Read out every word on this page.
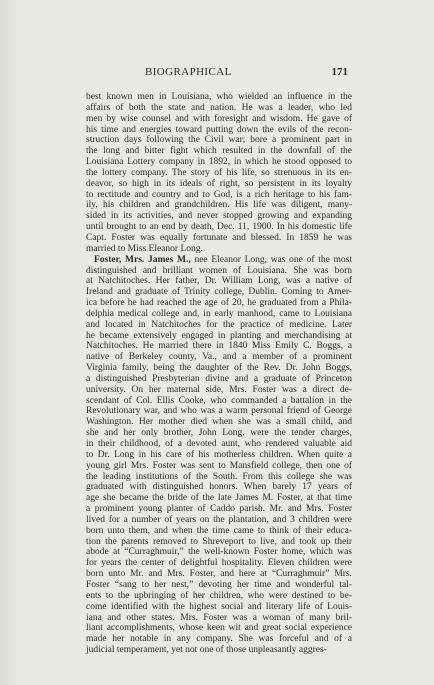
BIOGRAPHICAL	171
best known men in Louisiana, who wielded an influence in the
affairs of both the state and nation. He was a leader, who led
men by wise counsel and with foresight and wisdom. He gave of
his time and energies toward putting down the evils of the recon-
struction days following the Civil war; bore a prominent part in
the long and bitter fight which resulted in the downfall of the
Louisiana Lottery company in 1892, in which he stood opposed to
the lottery company. The story of his life, so strenuous in its en-
deavor, so high in its ideals of right, so persistent in its loyalty
to rectitude and country and to God, is a rich heritage to his fam-
ily, his children and grandchildren. His life was diligent, many-
sided in its activities, and never stopped growing and expanding
until brought to an end by death, Dec. 11, 1900. In his domestic life
Capt. Foster was equally fortunate and blessed. In 1859 he was
married to Miss Eleanor Long.
Foster, Mrs. James M., nee Eleanor Long, was one of the most
distinguished and brilliant women of Louisiana. She was born
at Natchitoches. Her father, Dr. William Long, was a native of
Ireland and graduate of Trinity college, Dublin. Coming to Amer-
ica before he had reached the age of 20, he graduated from a Phila-
delphia medical college and, in early manhood, came to Louisiana
and located in Natchitoches for the practice of medicine. Later
he became extensively engaged in planting and merchandising at
Natchitoches. He married there in 1840 Miss Emily C. Boggs, a
native of Berkeley county, Va., and a member of a prominent
Virginia family, being the daughter of the Rev. Dr. John Boggs,
a distinguished Presbyterian divine and a graduate of Princeton
university. On her maternal side, Mrs. Foster was a direct de-
scendant of Col. Ellis Cooke, who commanded a battalion in the
Revolutionary war, and who was a warm personal friend of George
Washington. Her mother died when she was a small child, and
she and her only brother, John Long, were the tender charges,
in their childhood, of a devoted aunt, who rendered valuable aid
to Dr. Long in his care of his motherless children. When quite a
young girl Mrs. Foster was sent to Mansfield college, then one of
the leading institutions of the South. From this college she was
graduated with distinguished honors. When barely 17 years of
age she became the bride of the late James M. Foster, at that time
a prominent young planter of Caddo parish. Mr. and Mrs. Foster
lived for a number of years on the plantation, and 3 children were
born unto them, and when the time came to think of their educa-
tion the parents removed to Shreveport to live, and took up their
abode at “Curraghmuir,” the well-known Foster home, which was
for years the center of delightful hospitality. Eleven children were
born unto Mr. and Mrs. Foster, and here at “Curraghmuir” Mrs.
Foster “sang to her nest,” devoting her time and wonderful tal-
ents to the upbringing of her children, who were destined to be-
come identified with the highest social and literary life of Louis-
iana and other states. Mrs. Foster was a woman of many bril-
liant accomplishments, whose keen wit and great social experience
made her notable in any company. She was forceful and of a
judicial temperament, yet not one of those unpleasantly aggres-
